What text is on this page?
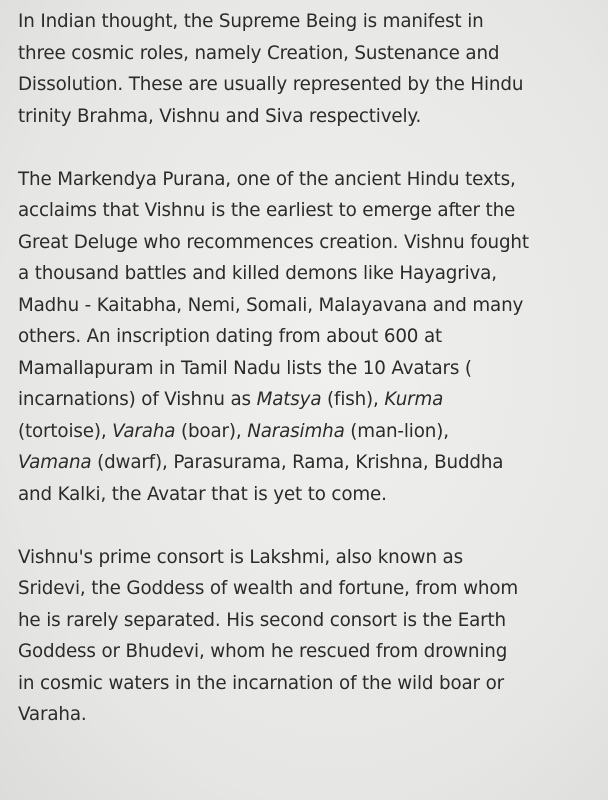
In Indian thought, the Supreme Being is manifest in
three cosmic roles, namely Creation, Sustenance and
Dissolution. These are usually represented by the Hindu
trinity Brahma, Vishnu and Siva respectively.

The Markendya Purana, one of the ancient Hindu texts,
acclaims that Vishnu is the earliest to emerge after the
Great Deluge who recommences creation. Vishnu fought
a thousand battles and killed demons like Hayagriva,
Madhu - Kaitabha, Nemi, Somali, Malayavana and many
others. An inscription dating from about 600 at
Mamallapuram in Tamil Nadu lists the 10 Avatars (
incarnations) of Vishnu as Matsya (fish), Kurma
(tortoise), Varaha (boar), Narasimha (man-lion),
Vamana (dwarf), Parasurama, Rama, Krishna, Buddha
and Kalki, the Avatar that is yet to come.

Vishnu's prime consort is Lakshmi, also known as
Sridevi, the Goddess of wealth and fortune, from whom
he is rarely separated. His second consort is the Earth
Goddess or Bhudevi, whom he rescued from drowning
in cosmic waters in the incarnation of the wild boar or
Varaha.
